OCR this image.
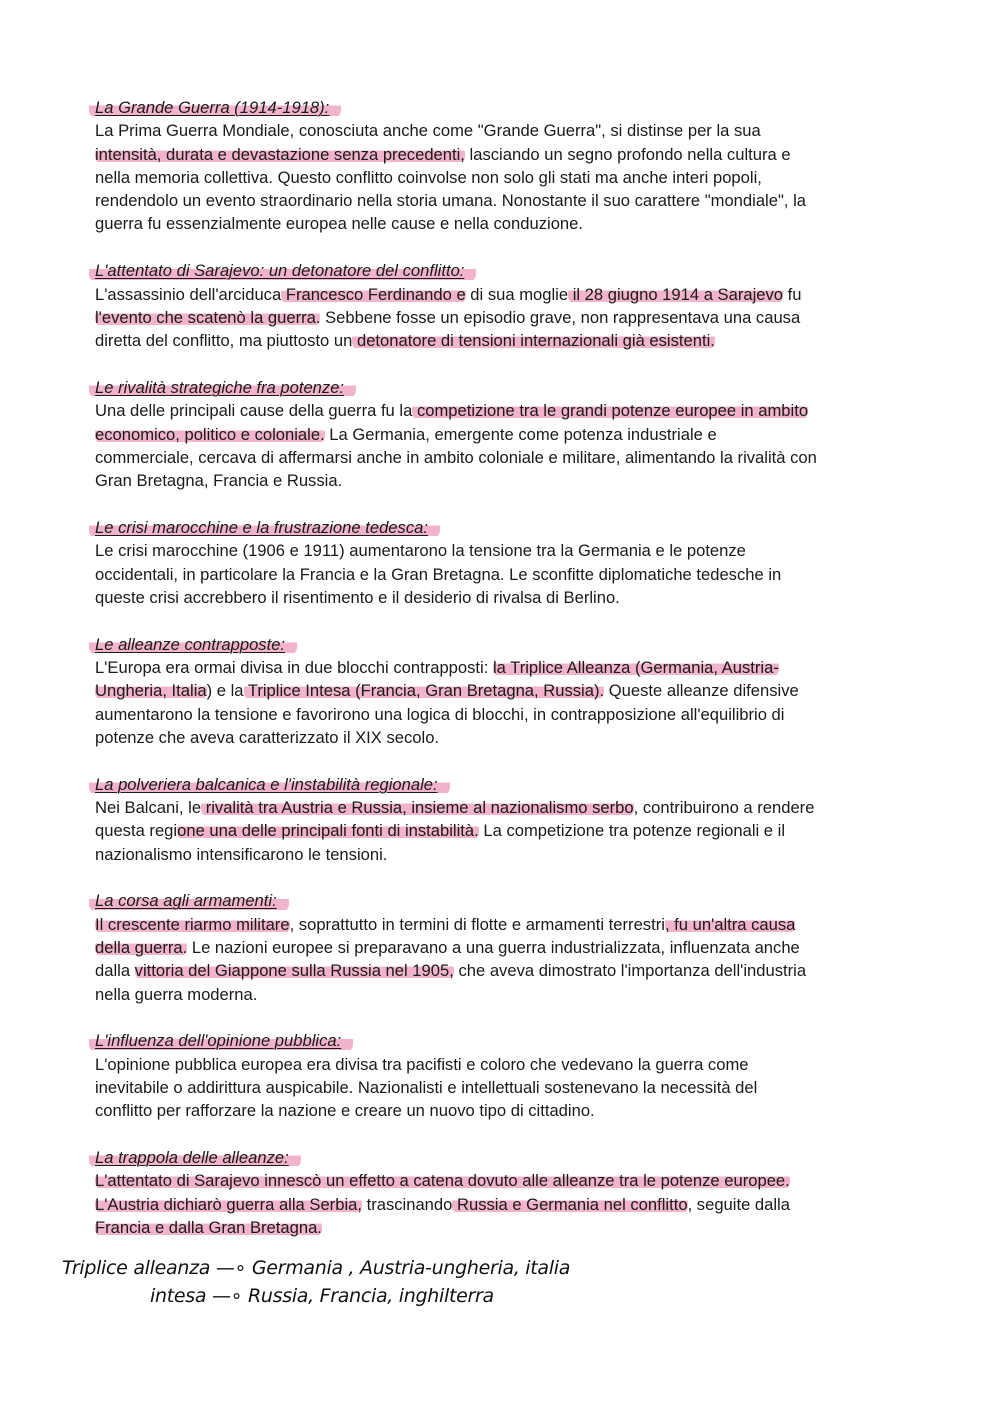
La Grande Guerra (1914-1918):
La Prima Guerra Mondiale, conosciuta anche come "Grande Guerra", si distinse per la sua
intensità, durata e devastazione senza precedenti, lasciando un segno profondo nella cultura e
nella memoria collettiva. Questo conflitto coinvolse non solo gli stati ma anche interi popoli,
rendendolo un evento straordinario nella storia umana. Nonostante il suo carattere "mondiale", la
guerra fu essenzialmente europea nelle cause e nella conduzione.
L'attentato di Sarajevo: un detonatore del conflitto:
L'assassinio dell'arciduca Francesco Ferdinando e di sua moglie il 28 giugno 1914 a Sarajevo fu
l'evento che scatenò la guerra. Sebbene fosse un episodio grave, non rappresentava una causa
diretta del conflitto, ma piuttosto un detonatore di tensioni internazionali già esistenti.
Le rivalità strategiche fra potenze:
Una delle principali cause della guerra fu la competizione tra le grandi potenze europee in ambito
economico, politico e coloniale. La Germania, emergente come potenza industriale e
commerciale, cercava di affermarsi anche in ambito coloniale e militare, alimentando la rivalità con
Gran Bretagna, Francia e Russia.
Le crisi marocchine e la frustrazione tedesca:
Le crisi marocchine (1906 e 1911) aumentarono la tensione tra la Germania e le potenze
occidentali, in particolare la Francia e la Gran Bretagna. Le sconfitte diplomatiche tedesche in
queste crisi accrebbero il risentimento e il desiderio di rivalsa di Berlino.
Le alleanze contrapposte:
L'Europa era ormai divisa in due blocchi contrapposti: la Triplice Alleanza (Germania, Austria-
Ungheria, Italia) e la Triplice Intesa (Francia, Gran Bretagna, Russia). Queste alleanze difensive
aumentarono la tensione e favorirono una logica di blocchi, in contrapposizione all'equilibrio di
potenze che aveva caratterizzato il XIX secolo.
La polveriera balcanica e l'instabilità regionale:
Nei Balcani, le rivalità tra Austria e Russia, insieme al nazionalismo serbo, contribuirono a rendere
questa regione una delle principali fonti di instabilità. La competizione tra potenze regionali e il
nazionalismo intensificarono le tensioni.
La corsa agli armamenti:
Il crescente riarmo militare, soprattutto in termini di flotte e armamenti terrestri, fu un'altra causa
della guerra. Le nazioni europee si preparavano a una guerra industrializzata, influenzata anche
dalla vittoria del Giappone sulla Russia nel 1905, che aveva dimostrato l'importanza dell'industria
nella guerra moderna.
L'influenza dell'opinione pubblica:
L'opinione pubblica europea era divisa tra pacifisti e coloro che vedevano la guerra come
inevitabile o addirittura auspicabile. Nazionalisti e intellettuali sostenevano la necessità del
conflitto per rafforzare la nazione e creare un nuovo tipo di cittadino.
La trappola delle alleanze:
L'attentato di Sarajevo innescò un effetto a catena dovuto alle alleanze tra le potenze europee.
L'Austria dichiarò guerra alla Serbia, trascinando Russia e Germania nel conflitto, seguite dalla
Francia e dalla Gran Bretagna.
Triplice alleanza —∘ Germania , Austria-ungheria, italia
intesa —∘ Russia, Francia, inghilterra
